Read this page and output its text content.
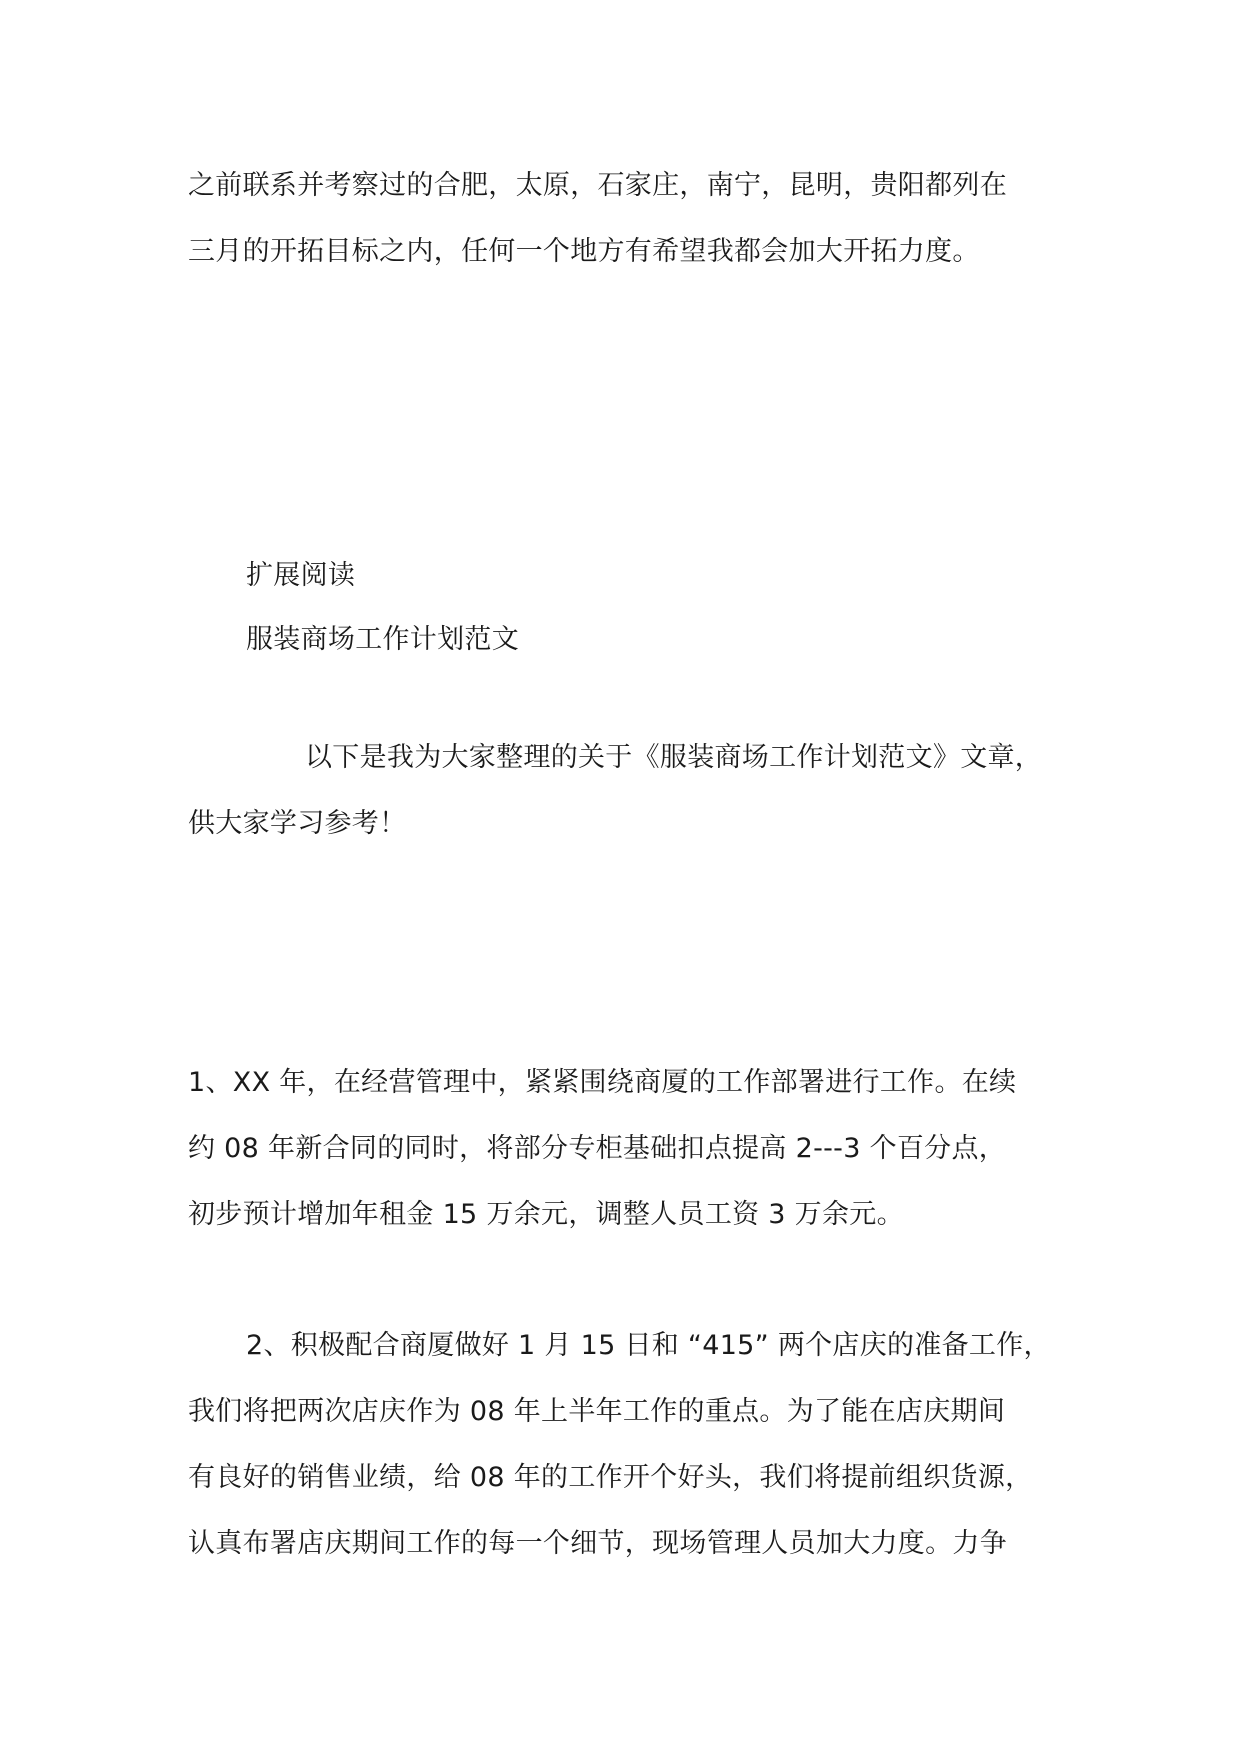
之前联系并考察过的合肥，太原，石家庄，南宁，昆明，贵阳都列在
三月的开拓目标之内，任何一个地方有希望我都会加大开拓力度。
扩展阅读
服装商场工作计划范文
以下是我为大家整理的关于《服装商场工作计划范文》文章，
供大家学习参考！
1、XX 年，在经营管理中，紧紧围绕商厦的工作部署进行工作。在续
约 08 年新合同的同时，将部分专柜基础扣点提高 2---3 个百分点，
初步预计增加年租金 15 万余元，调整人员工资 3 万余元。
2、积极配合商厦做好 1 月 15 日和 “415” 两个店庆的准备工作，
我们将把两次店庆作为 08 年上半年工作的重点。为了能在店庆期间
有良好的销售业绩，给 08 年的工作开个好头，我们将提前组织货源，
认真布署店庆期间工作的每一个细节，现场管理人员加大力度。力争
